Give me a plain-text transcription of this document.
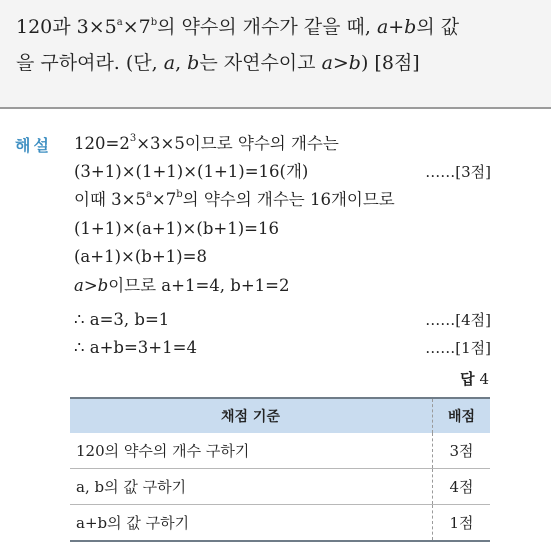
120과 $3\times 5^a\times 7^b$의 약수의 개수가 같을 때, a+b의 값
을 구하여라. (단, a, b는 자연수이고 a>b) [8점]
해설 $120=2^3\times 3\times 5$이므로 약수의 개수는
(3+1)×(1+1)×(1+1)=16(개)	……[3점]
이때 $3\times 5^a\times 7^b$의 약수의 개수는 16개이므로
(1+1)×(a+1)×(b+1)=16
(a+1)×(b+1)=8
a>b이므로 a+1=4, b+1=2
∴ a=3, b=1	……[4점]
∴ a+b=3+1=4	……[1점]
답 4
채점 기준	배점
120의 약수의 개수 구하기	3점
a, b의 값 구하기	4점
a+b의 값 구하기	1점
